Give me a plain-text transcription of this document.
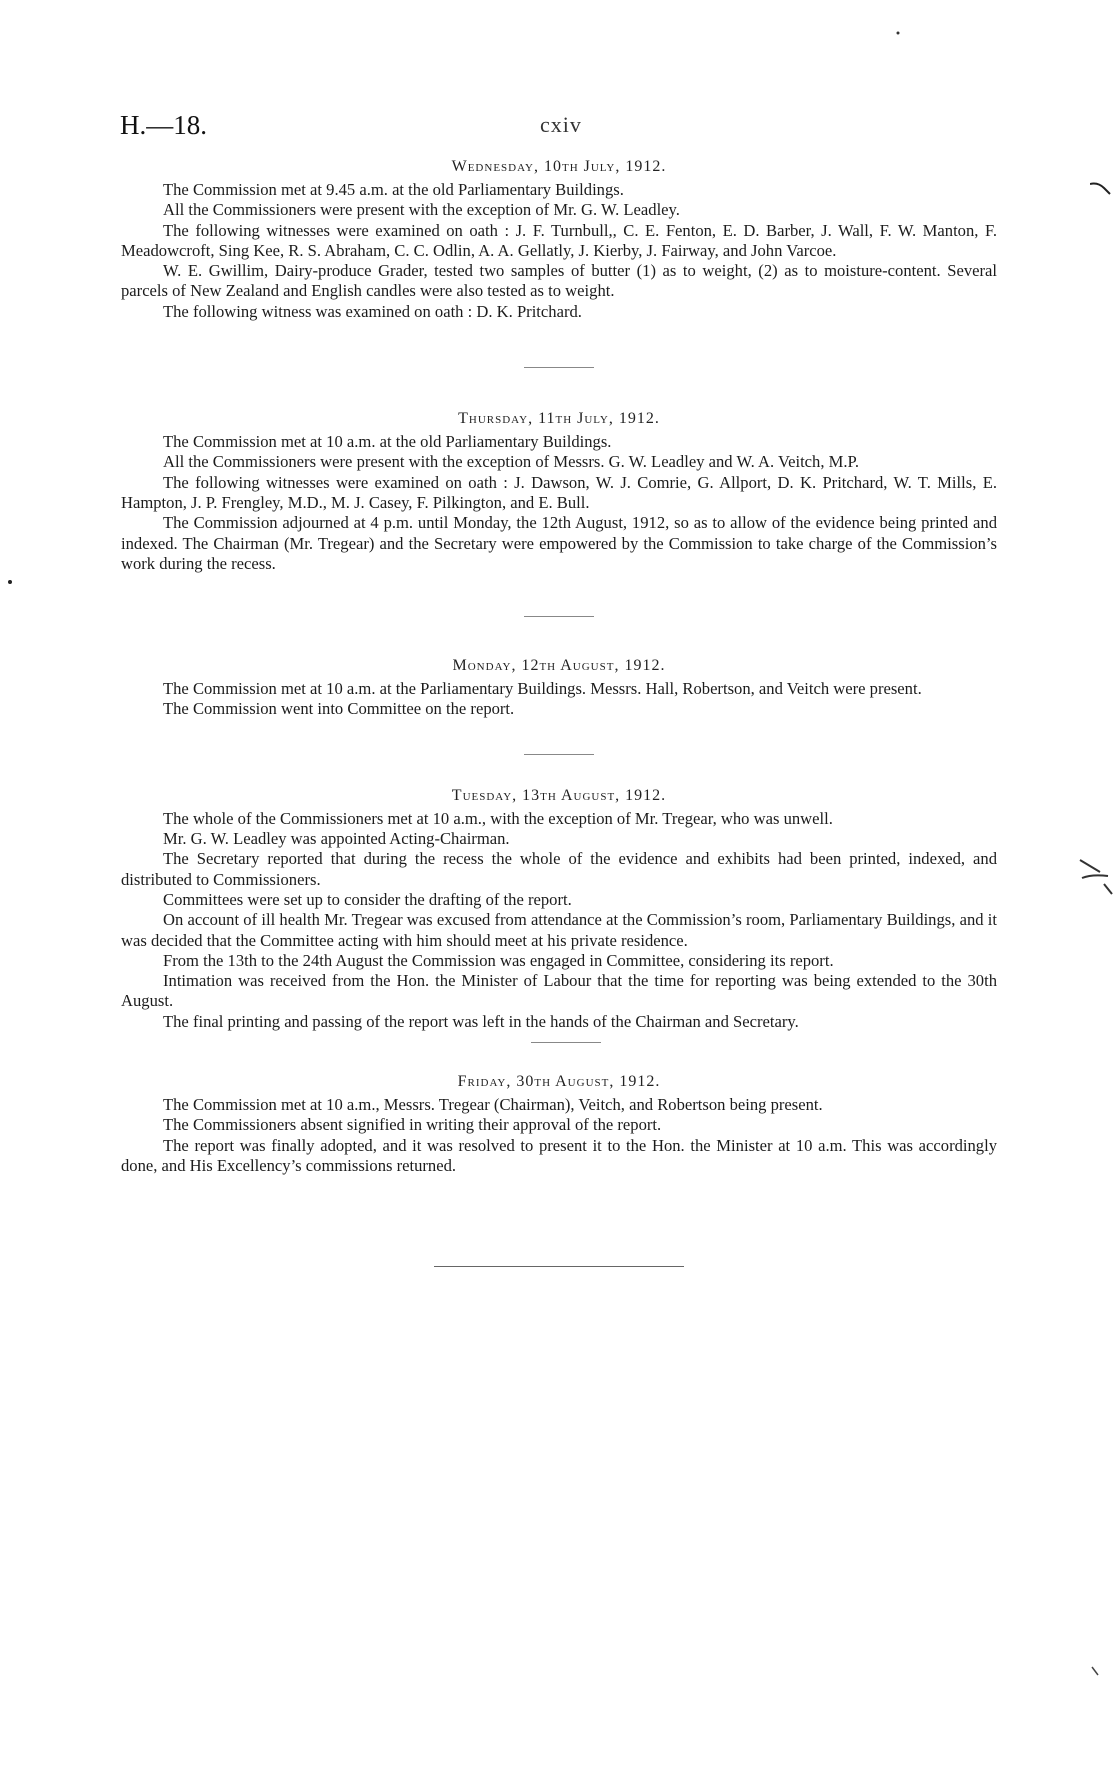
H.—18.	cxiv
Wednesday, 10th July, 1912.

The Commission met at 9.45 a.m. at the old Parliamentary Buildings.

All the Commissioners were present with the exception of Mr. G. W. Leadley.

The following witnesses were examined on oath : J. F. Turnbull,, C. E. Fenton, E. D. Barber, J. Wall, F. W. Manton, F. Meadowcroft, Sing Kee, R. S. Abraham, C. C. Odlin, A. A. Gellatly, J. Kierby, J. Fairway, and John Varcoe.

W. E. Gwillim, Dairy-produce Grader, tested two samples of butter (1) as to weight, (2) as to moisture-content. Several parcels of New Zealand and English candles were also tested as to weight.

The following witness was examined on oath : D. K. Pritchard.

Thursday, 11th July, 1912.

The Commission met at 10 a.m. at the old Parliamentary Buildings.

All the Commissioners were present with the exception of Messrs. G. W. Leadley and W. A. Veitch, M.P.

The following witnesses were examined on oath : J. Dawson, W. J. Comrie, G. Allport, D. K. Pritchard, W. T. Mills, E. Hampton, J. P. Frengley, M.D., M. J. Casey, F. Pilkington, and E. Bull.

The Commission adjourned at 4 p.m. until Monday, the 12th August, 1912, so as to allow of the evidence being printed and indexed. The Chairman (Mr. Tregear) and the Secretary were empowered by the Commission to take charge of the Commission’s work during the recess.

Monday, 12th August, 1912.

The Commission met at 10 a.m. at the Parliamentary Buildings. Messrs. Hall, Robertson, and Veitch were present.

The Commission went into Committee on the report.

Tuesday, 13th August, 1912.

The whole of the Commissioners met at 10 a.m., with the exception of Mr. Tregear, who was unwell.

Mr. G. W. Leadley was appointed Acting-Chairman.

The Secretary reported that during the recess the whole of the evidence and exhibits had been printed, indexed, and distributed to Commissioners.

Committees were set up to consider the drafting of the report.

On account of ill health Mr. Tregear was excused from attendance at the Commission’s room, Parliamentary Buildings, and it was decided that the Committee acting with him should meet at his private residence.

From the 13th to the 24th August the Commission was engaged in Committee, considering its report.

Intimation was received from the Hon. the Minister of Labour that the time for reporting was being extended to the 30th August.

The final printing and passing of the report was left in the hands of the Chairman and Secretary.

Friday, 30th August, 1912.

The Commission met at 10 a.m., Messrs. Tregear (Chairman), Veitch, and Robertson being present.

The Commissioners absent signified in writing their approval of the report.

The report was finally adopted, and it was resolved to present it to the Hon. the Minister at 10 a.m. This was accordingly done, and His Excellency’s commissions returned.
